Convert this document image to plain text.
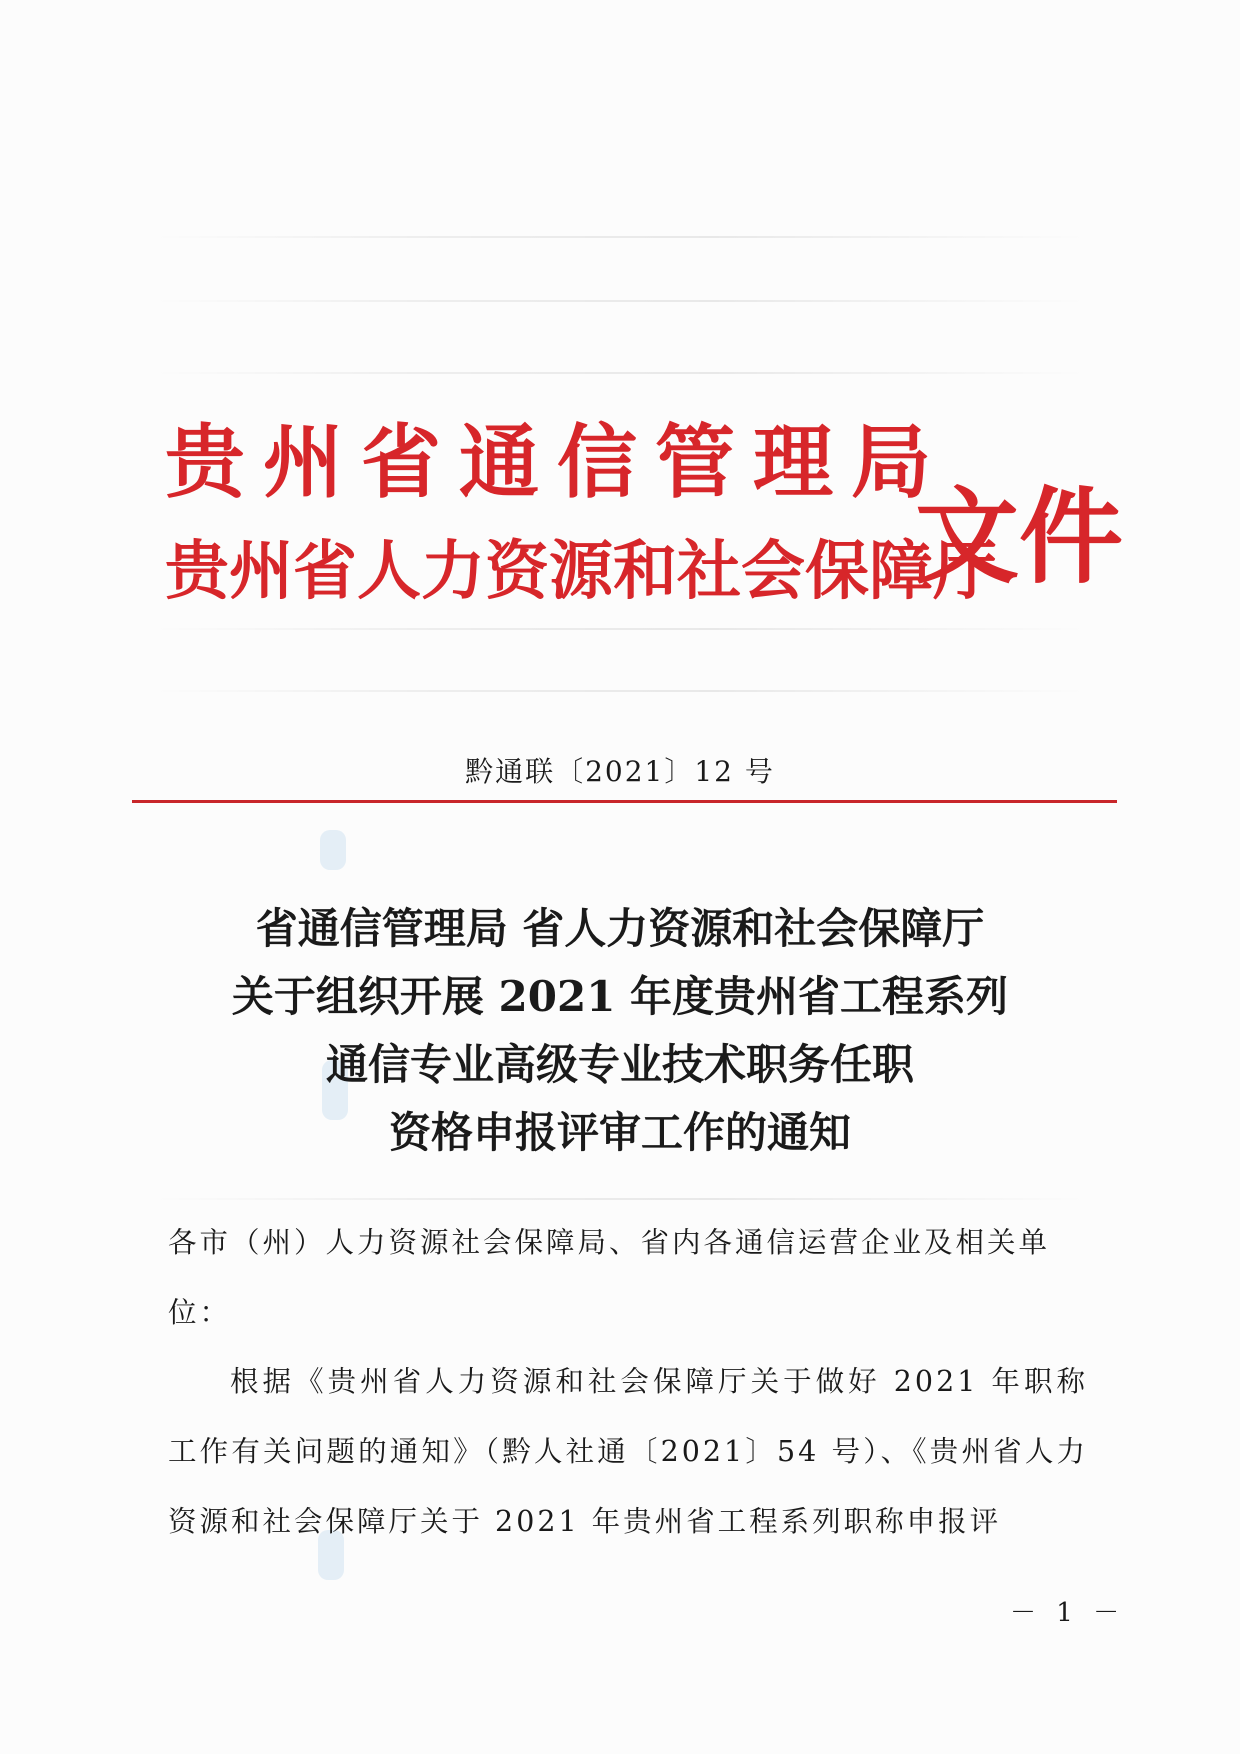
贵州省通信管理局
贵州省人力资源和社会保障厅
文件
黔通联〔2021〕12 号
省通信管理局 省人力资源和社会保障厅
关于组织开展 2021 年度贵州省工程系列
通信专业高级专业技术职务任职
资格申报评审工作的通知
各市（州）人力资源社会保障局、省内各通信运营企业及相关单位：
根据《贵州省人力资源和社会保障厅关于做好 2021 年职称工作有关问题的通知》（黔人社通〔2021〕54 号）、《贵州省人力资源和社会保障厅关于 2021 年贵州省工程系列职称申报评
－ 1 －
